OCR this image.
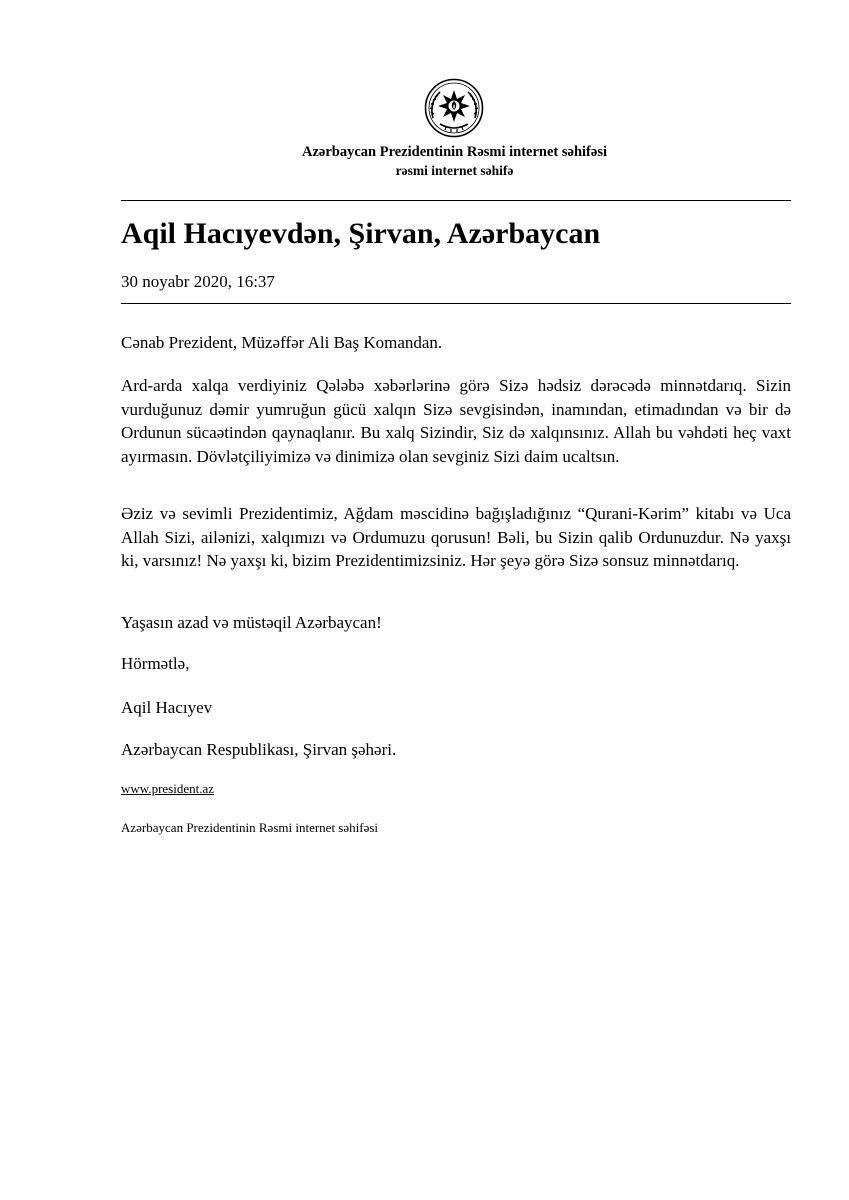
Azərbaycan Prezidentinin Rəsmi internet səhifəsi
rəsmi internet səhifə
Aqil Hacıyevdən, Şirvan, Azərbaycan
30 noyabr 2020, 16:37
Cənab Prezident, Müzəffər Ali Baş Komandan.
Ard-arda xalqa verdiyiniz Qələbə xəbərlərinə görə Sizə hədsiz dərəcədə minnətdarıq. Sizin vurduğunuz dəmir yumruğun gücü xalqın Sizə sevgisindən, inamından, etimadından və bir də Ordunun sücaətindən qaynaqlanır. Bu xalq Sizindir, Siz də xalqınsınız. Allah bu vəhdəti heç vaxt ayırmasın. Dövlətçiliyimizə və dinimizə olan sevginiz Sizi daim ucaltsın.
Əziz və sevimli Prezidentimiz, Ağdam məscidinə bağışladığınız “Qurani-Kərim” kitabı və Uca Allah Sizi, ailənizi, xalqımızı və Ordumuzu qorusun! Bəli, bu Sizin qalib Ordunuzdur. Nə yaxşı ki, varsınız! Nə yaxşı ki, bizim Prezidentimizsiniz. Hər şeyə görə Sizə sonsuz minnətdarıq.
Yaşasın azad və müstəqil Azərbaycan!
Hörmətlə,
Aqil Hacıyev
Azərbaycan Respublikası, Şirvan şəhəri.
www.president.az
Azərbaycan Prezidentinin Rəsmi internet səhifəsi
